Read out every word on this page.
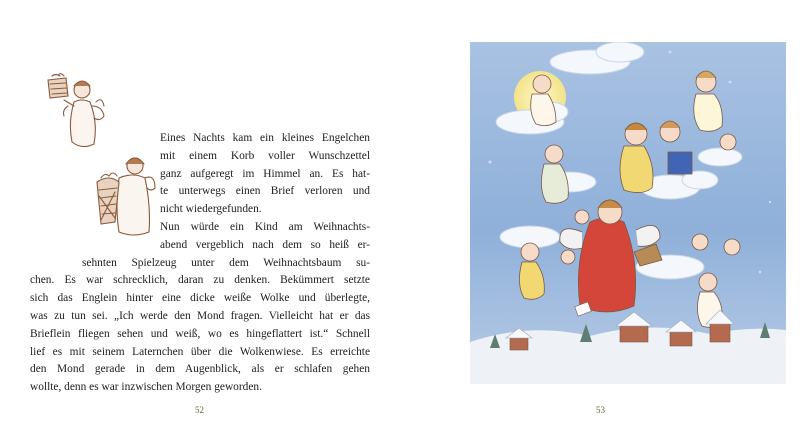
Eines Nachts kam ein kleines Engelchen
mit einem Korb voller Wunschzettel
ganz aufgeregt im Himmel an. Es hat-
te unterwegs einen Brief verloren und
nicht wiedergefunden.
Nun würde ein Kind am Weihnachts-
abend vergeblich nach dem so heiß er-
sehnten Spielzeug unter dem Weihnachtsbaum su-
chen. Es war schrecklich, daran zu denken. Bekümmert setzte
sich das Englein hinter eine dicke weiße Wolke und überlegte,
was zu tun sei. „Ich werde den Mond fragen. Vielleicht hat er das
Brieflein fliegen sehen und weiß, wo es hingeflattert ist.“ Schnell
lief es mit seinem Laternchen über die Wolkenwiese. Es erreichte
den Mond gerade in dem Augenblick, als er schlafen gehen
wollte, denn es war inzwischen Morgen geworden.
52	53
